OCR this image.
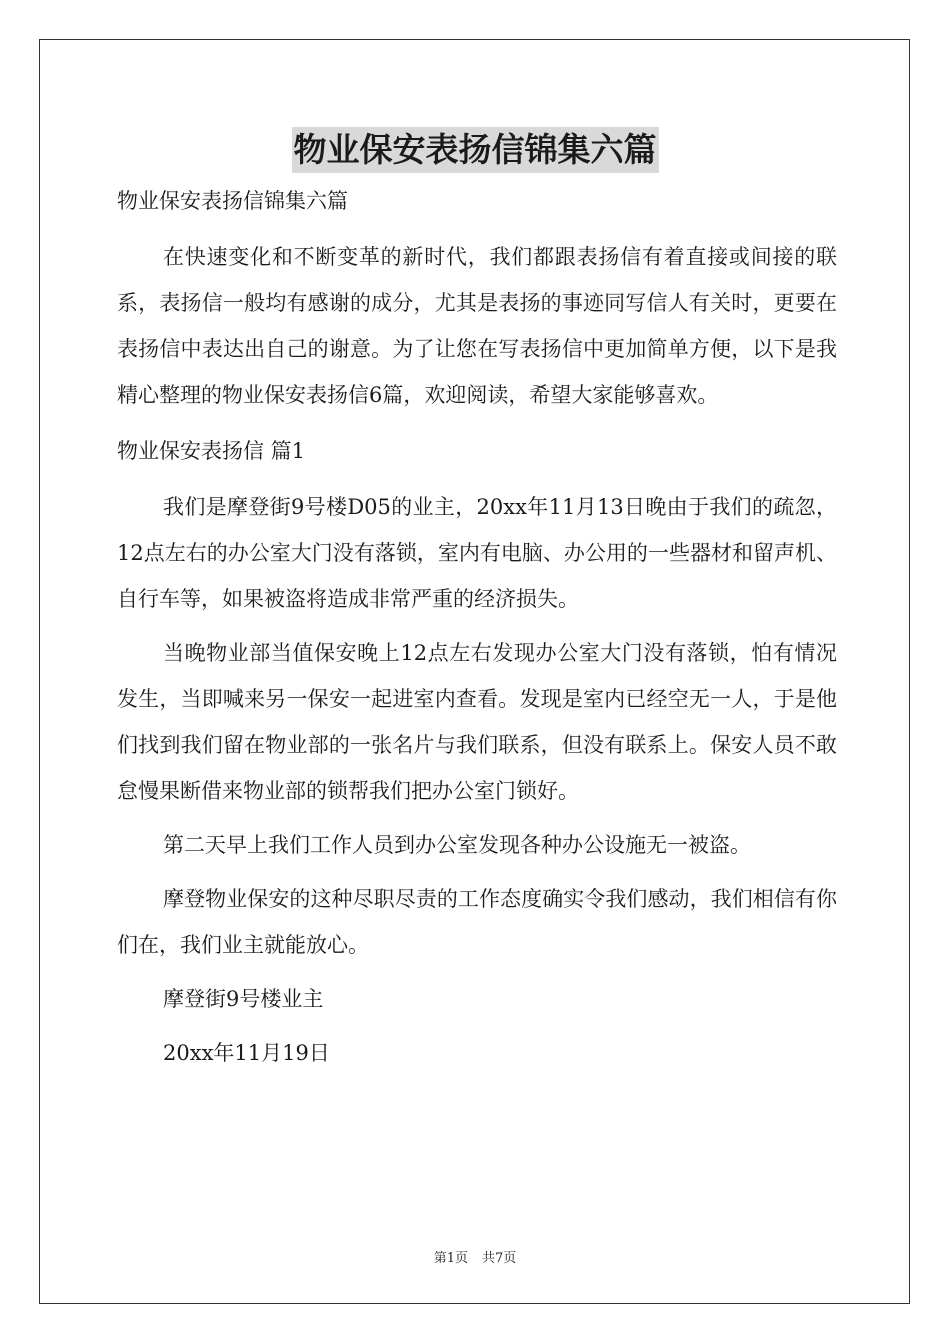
物业保安表扬信锦集六篇

物业保安表扬信锦集六篇

在快速变化和不断变革的新时代，我们都跟表扬信有着直接或间接的联系，表扬信一般均有感谢的成分，尤其是表扬的事迹同写信人有关时，更要在表扬信中表达出自己的谢意。为了让您在写表扬信中更加简单方便，以下是我精心整理的物业保安表扬信6篇，欢迎阅读，希望大家能够喜欢。

物业保安表扬信 篇1

我们是摩登街9号楼D05的业主，20xx年11月13日晚由于我们的疏忽，12点左右的办公室大门没有落锁，室内有电脑、办公用的一些器材和留声机、自行车等，如果被盗将造成非常严重的经济损失。

当晚物业部当值保安晚上12点左右发现办公室大门没有落锁，怕有情况发生，当即喊来另一保安一起进室内查看。发现是室内已经空无一人，于是他们找到我们留在物业部的一张名片与我们联系，但没有联系上。保安人员不敢怠慢果断借来物业部的锁帮我们把办公室门锁好。

第二天早上我们工作人员到办公室发现各种办公设施无一被盗。

摩登物业保安的这种尽职尽责的工作态度确实令我们感动，我们相信有你们在，我们业主就能放心。

摩登街9号楼业主

20xx年11月19日

第1页 共7页
